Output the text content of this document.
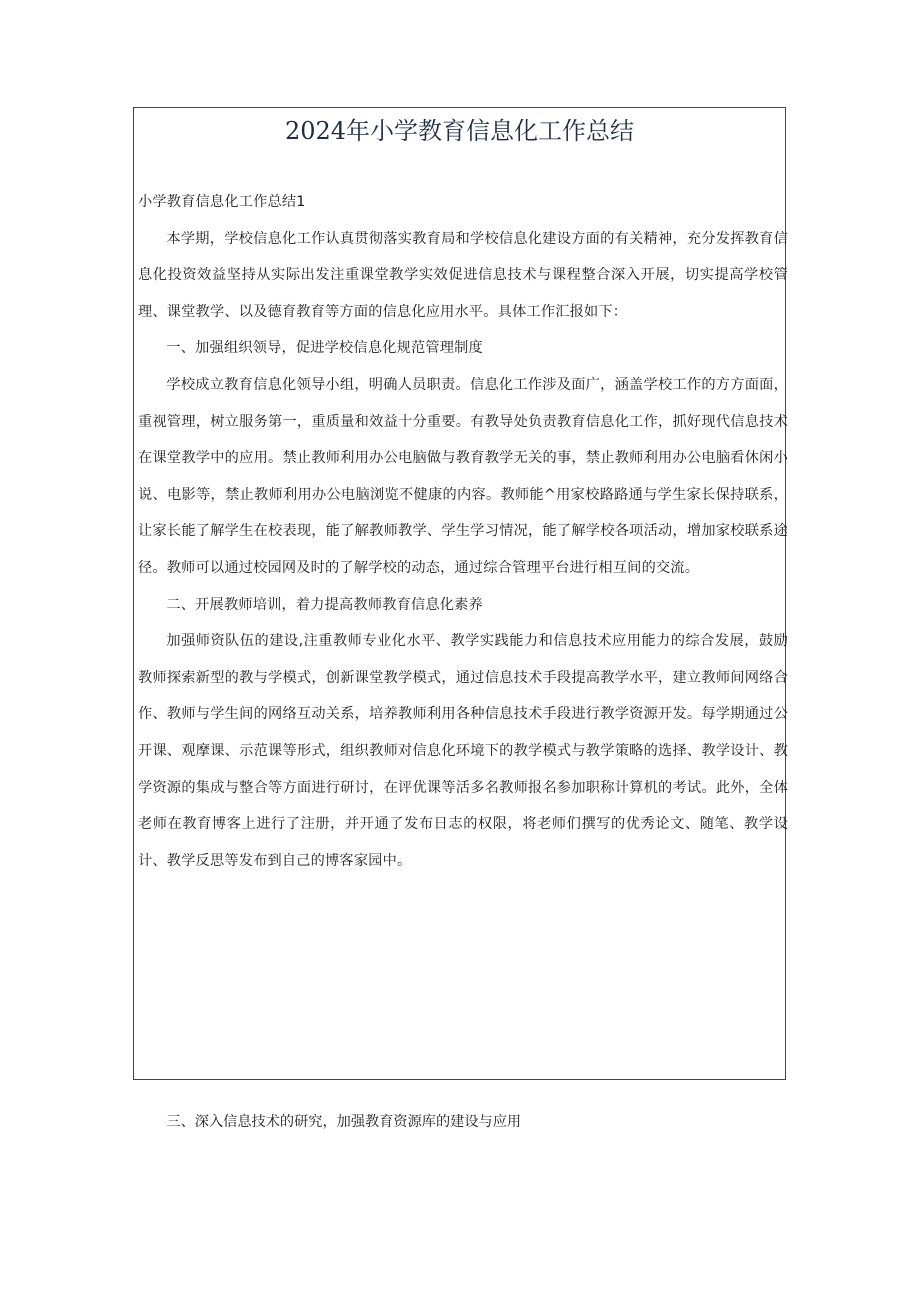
2024年小学教育信息化工作总结

小学教育信息化工作总结1

本学期，学校信息化工作认真贯彻落实教育局和学校信息化建设方面的有关精神，充分发挥教育信息化投资效益坚持从实际出发注重课堂教学实效促进信息技术与课程整合深入开展，切实提高学校管理、课堂教学、以及德育教育等方面的信息化应用水平。具体工作汇报如下：

一、加强组织领导，促进学校信息化规范管理制度

学校成立教育信息化领导小组，明确人员职责。信息化工作涉及面广，涵盖学校工作的方方面面，重视管理，树立服务第一，重质量和效益十分重要。有教导处负责教育信息化工作，抓好现代信息技术在课堂教学中的应用。禁止教师利用办公电脑做与教育教学无关的事，禁止教师利用办公电脑看休闲小说、电影等，禁止教师利用办公电脑浏览不健康的内容。教师能^用家校路路通与学生家长保持联系，让家长能了解学生在校表现，能了解教师教学、学生学习情况，能了解学校各项活动，增加家校联系途径。教师可以通过校园网及时的了解学校的动态，通过综合管理平台进行相互间的交流。

二、开展教师培训，着力提高教师教育信息化素养

加强师资队伍的建设,注重教师专业化水平、教学实践能力和信息技术应用能力的综合发展，鼓励教师探索新型的教与学模式，创新课堂教学模式，通过信息技术手段提高教学水平，建立教师间网络合作、教师与学生间的网络互动关系，培养教师利用各种信息技术手段进行教学资源开发。每学期通过公开课、观摩课、示范课等形式，组织教师对信息化环境下的教学模式与教学策略的选择、教学设计、教学资源的集成与整合等方面进行研讨，在评优课等活多名教师报名参加职称计算机的考试。此外，全体老师在教育博客上进行了注册，并开通了发布日志的权限，将老师们撰写的优秀论文、随笔、教学设计、教学反思等发布到自己的博客家园中。

三、深入信息技术的研究，加强教育资源库的建设与应用
